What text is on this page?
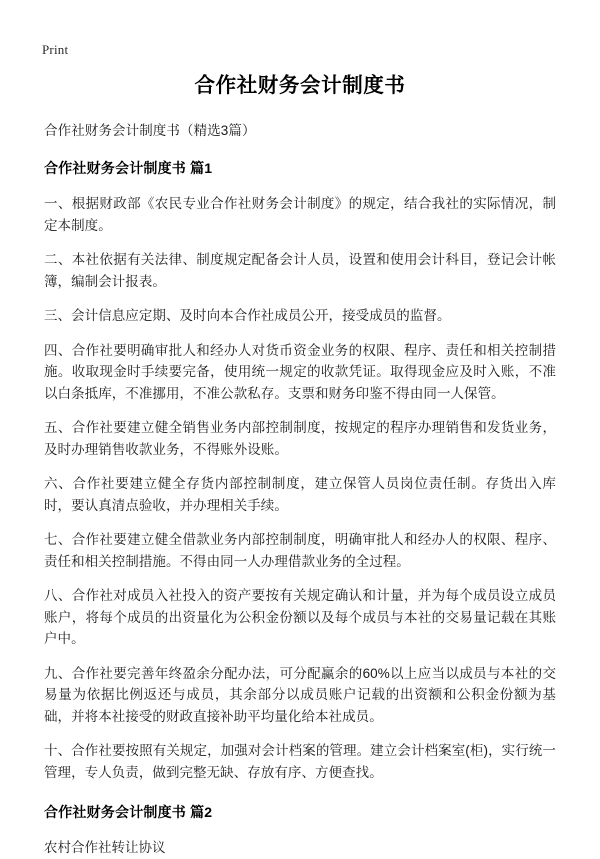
Print
合作社财务会计制度书

合作社财务会计制度书（精选3篇）

合作社财务会计制度书 篇1

一、根据财政部《农民专业合作社财务会计制度》的规定，结合我社的实际情况，制定本制度。

二、本社依据有关法律、制度规定配备会计人员，设置和使用会计科目，登记会计帐簿，编制会计报表。

三、会计信息应定期、及时向本合作社成员公开，接受成员的监督。

四、合作社要明确审批人和经办人对货币资金业务的权限、程序、责任和相关控制措施。收取现金时手续要完备，使用统一规定的收款凭证。取得现金应及时入账，不准以白条抵库，不准挪用，不准公款私存。支票和财务印鉴不得由同一人保管。

五、合作社要建立健全销售业务内部控制制度，按规定的程序办理销售和发货业务，及时办理销售收款业务，不得账外设账。

六、合作社要建立健全存货内部控制制度，建立保管人员岗位责任制。存货出入库时，要认真清点验收，并办理相关手续。

七、合作社要建立健全借款业务内部控制制度，明确审批人和经办人的权限、程序、责任和相关控制措施。不得由同一人办理借款业务的全过程。

八、合作社对成员入社投入的资产要按有关规定确认和计量，并为每个成员设立成员账户，将每个成员的出资量化为公积金份额以及每个成员与本社的交易量记载在其账户中。

九、合作社要完善年终盈余分配办法，可分配赢余的60%以上应当以成员与本社的交易量为依据比例返还与成员，其余部分以成员账户记载的出资额和公积金份额为基础，并将本社接受的财政直接补助平均量化给本社成员。

十、合作社要按照有关规定，加强对会计档案的管理。建立会计档案室(柜)，实行统一管理，专人负责，做到完整无缺、存放有序、方便查找。

合作社财务会计制度书 篇2

农村合作社转让协议
